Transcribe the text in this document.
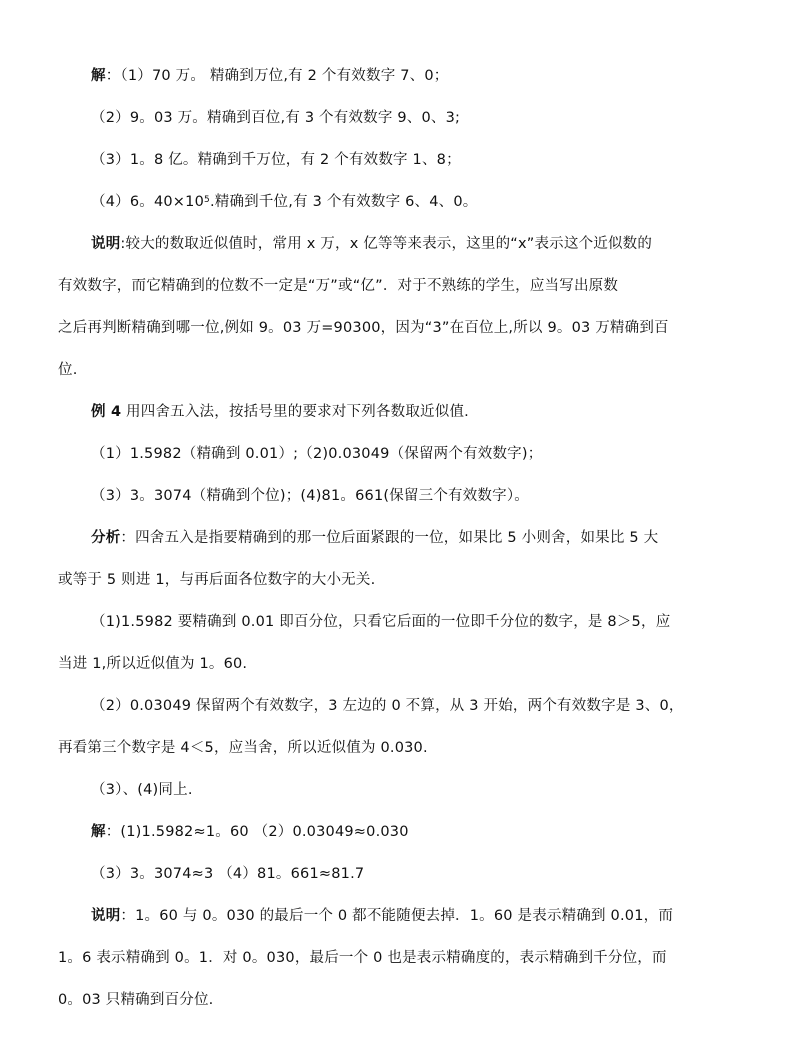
解：（1）70 万。 精确到万位,有 2 个有效数字 7、0；
（2）9。03 万。精确到百位,有 3 个有效数字 9、0、3;
（3）1。8 亿。精确到千万位，有 2 个有效数字 1、8；
（4）6。$40\times 10^5$.精确到千位,有 3 个有效数字 6、4、0。
说明:较大的数取近似值时，常用 x 万，x 亿等等来表示，这里的“x”表示这个近似数的
有效数字，而它精确到的位数不一定是“万”或“亿”．对于不熟练的学生，应当写出原数
之后再判断精确到哪一位,例如 9。03 万=90300，因为“3”在百位上,所以 9。03 万精确到百
位.
例 4 用四舍五入法，按括号里的要求对下列各数取近似值.
（1）1.5982（精确到 0.01）;（2)0.03049（保留两个有效数字)；
（3）3。3074（精确到个位)；(4)81。661(保留三个有效数字）。
分析：四舍五入是指要精确到的那一位后面紧跟的一位，如果比 5 小则舍，如果比 5 大
或等于 5 则进 1，与再后面各位数字的大小无关.
（1)1.5982 要精确到 0.01 即百分位，只看它后面的一位即千分位的数字，是 8＞5，应
当进 1,所以近似值为 1。60.
（2）0.03049 保留两个有效数字，3 左边的 0 不算，从 3 开始，两个有效数字是 3、0，
再看第三个数字是 4＜5，应当舍，所以近似值为 0.030.
（3）、(4)同上.
解：(1)1.5982≈1。60 （2）0.03049≈0.030
（3）3。3074≈3 （4）81。661≈81.7
说明：1。60 与 0。030 的最后一个 0 都不能随便去掉．1。60 是表示精确到 0.01，而
1。6 表示精确到 0。1．对 0。030，最后一个 0 也是表示精确度的，表示精确到千分位，而
0。03 只精确到百分位.
